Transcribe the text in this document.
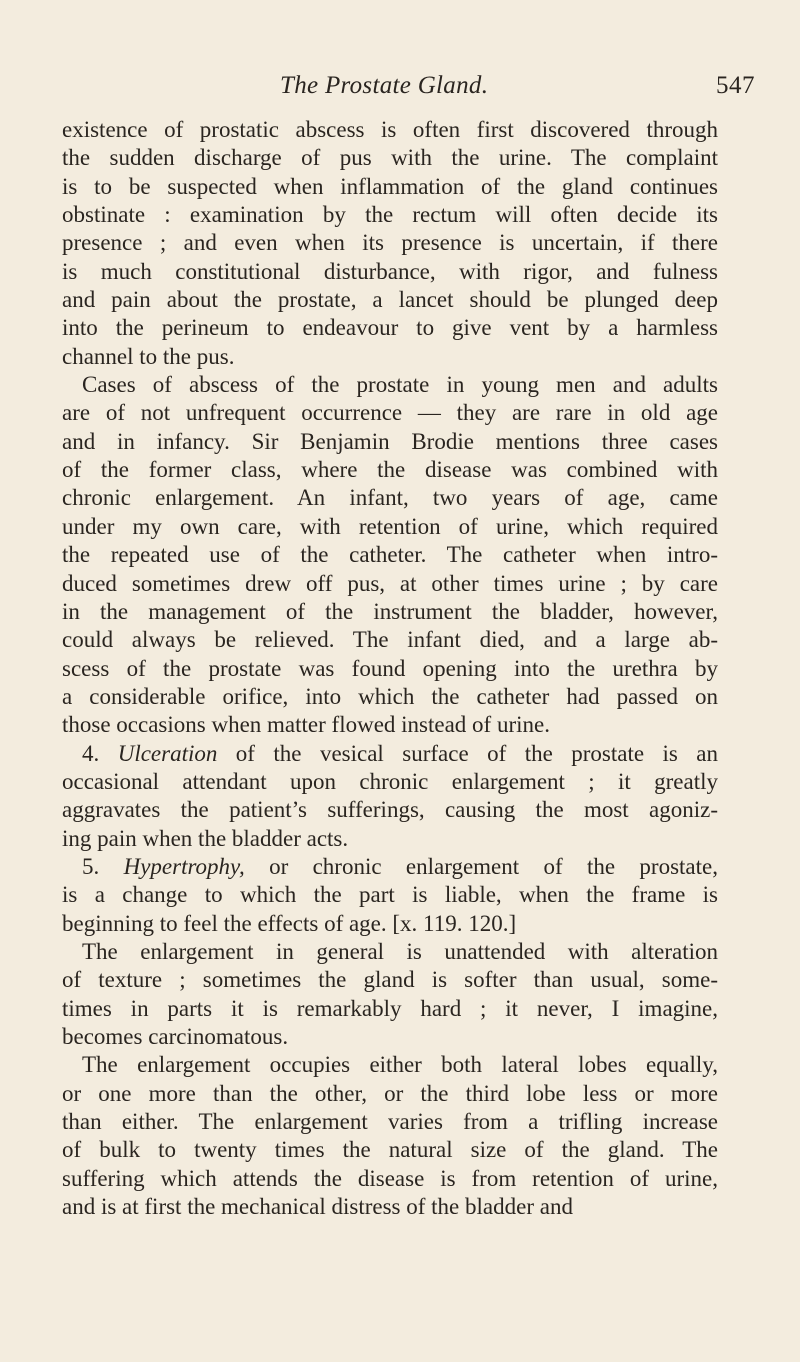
The Prostate Gland.	547
existence of prostatic abscess is often first discovered through
the sudden discharge of pus with the urine. The complaint
is to be suspected when inflammation of the gland continues
obstinate : examination by the rectum will often decide its
presence ; and even when its presence is uncertain, if there
is much constitutional disturbance, with rigor, and fulness
and pain about the prostate, a lancet should be plunged deep
into the perineum to endeavour to give vent by a harmless
channel to the pus.
Cases of abscess of the prostate in young men and adults
are of not unfrequent occurrence — they are rare in old age
and in infancy. Sir Benjamin Brodie mentions three cases
of the former class, where the disease was combined with
chronic enlargement. An infant, two years of age, came
under my own care, with retention of urine, which required
the repeated use of the catheter. The catheter when intro-
duced sometimes drew off pus, at other times urine ; by care
in the management of the instrument the bladder, however,
could always be relieved. The infant died, and a large ab-
scess of the prostate was found opening into the urethra by
a considerable orifice, into which the catheter had passed on
those occasions when matter flowed instead of urine.
4. Ulceration of the vesical surface of the prostate is an
occasional attendant upon chronic enlargement ; it greatly
aggravates the patient’s sufferings, causing the most agoniz-
ing pain when the bladder acts.
5. Hypertrophy, or chronic enlargement of the prostate,
is a change to which the part is liable, when the frame is
beginning to feel the effects of age. [x. 119. 120.]
The enlargement in general is unattended with alteration
of texture ; sometimes the gland is softer than usual, some-
times in parts it is remarkably hard ; it never, I imagine,
becomes carcinomatous.
The enlargement occupies either both lateral lobes equally,
or one more than the other, or the third lobe less or more
than either. The enlargement varies from a trifling increase
of bulk to twenty times the natural size of the gland. The
suffering which attends the disease is from retention of urine,
and is at first the mechanical distress of the bladder and
